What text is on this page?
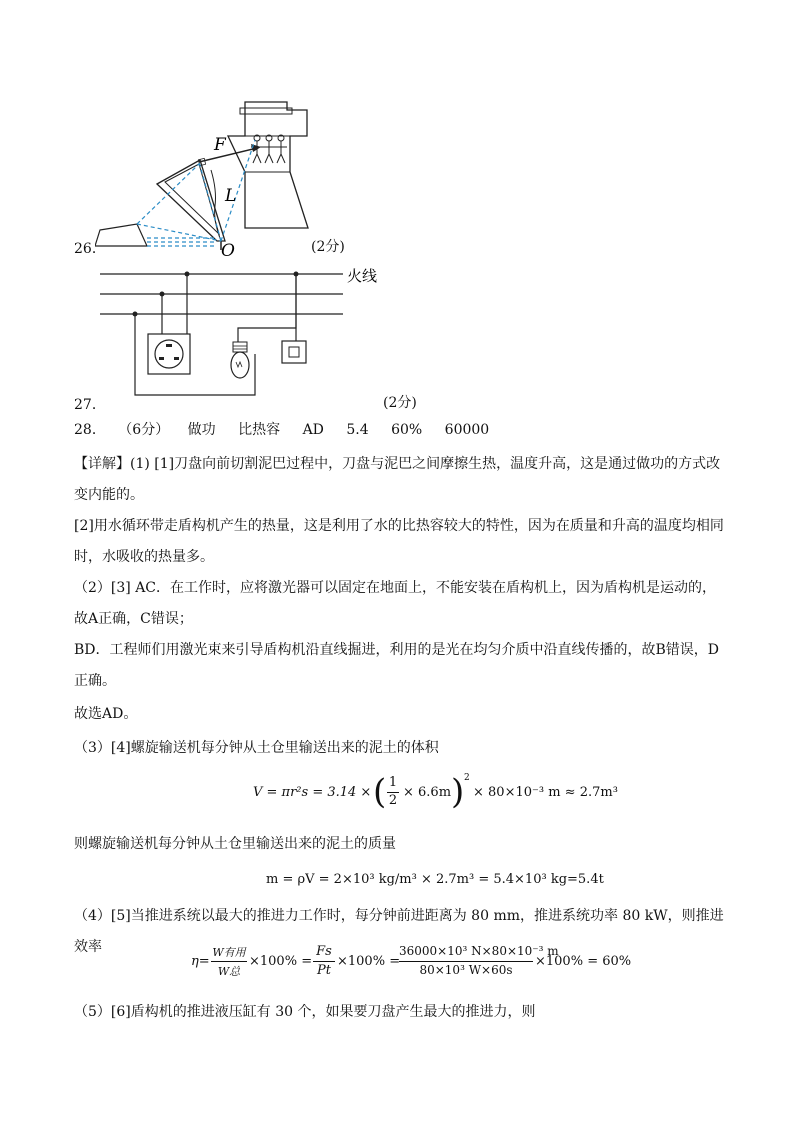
26．	(2分)
F
L
O
27．	(2分)
火线
28． （6分） 做功 比热容 AD 5.4 60% 60000
【详解】(1) [1]刀盘向前切割泥巴过程中，刀盘与泥巴之间摩擦生热，温度升高，这是通过做功的方式改变内能的。
[2]用水循环带走盾构机产生的热量，这是利用了水的比热容较大的特性，因为在质量和升高的温度均相同时，水吸收的热量多。
（2）[3] AC．在工作时，应将激光器可以固定在地面上，不能安装在盾构机上，因为盾构机是运动的，故A正确，C错误；
BD．工程师们用激光束来引导盾构机沿直线掘进，利用的是光在均匀介质中沿直线传播的，故B错误，D正确。
故选AD。
（3）[4]螺旋输送机每分钟从土仓里输送出来的泥土的体积
V = πr²s = 3.14 × ( 1
2
× 6.6m ) 2
× 80×10⁻³ m ≈ 2.7m³
则螺旋输送机每分钟从土仓里输送出来的泥土的质量
m = ρV = 2×10³ kg/m³ × 2.7m³ = 5.4×10³ kg=5.4t
（4）[5]当推进系统以最大的推进力工作时，每分钟前进距离为 80 mm，推进系统功率 80 kW，则推进效率
η=
W有用
W总
×100% =
Fs
Pt
×100% =
36000×10³ N×80×10⁻³ m
80×10³ W×60s
×100% = 60%
（5）[6]盾构机的推进液压缸有 30 个，如果要刀盘产生最大的推进力，则
